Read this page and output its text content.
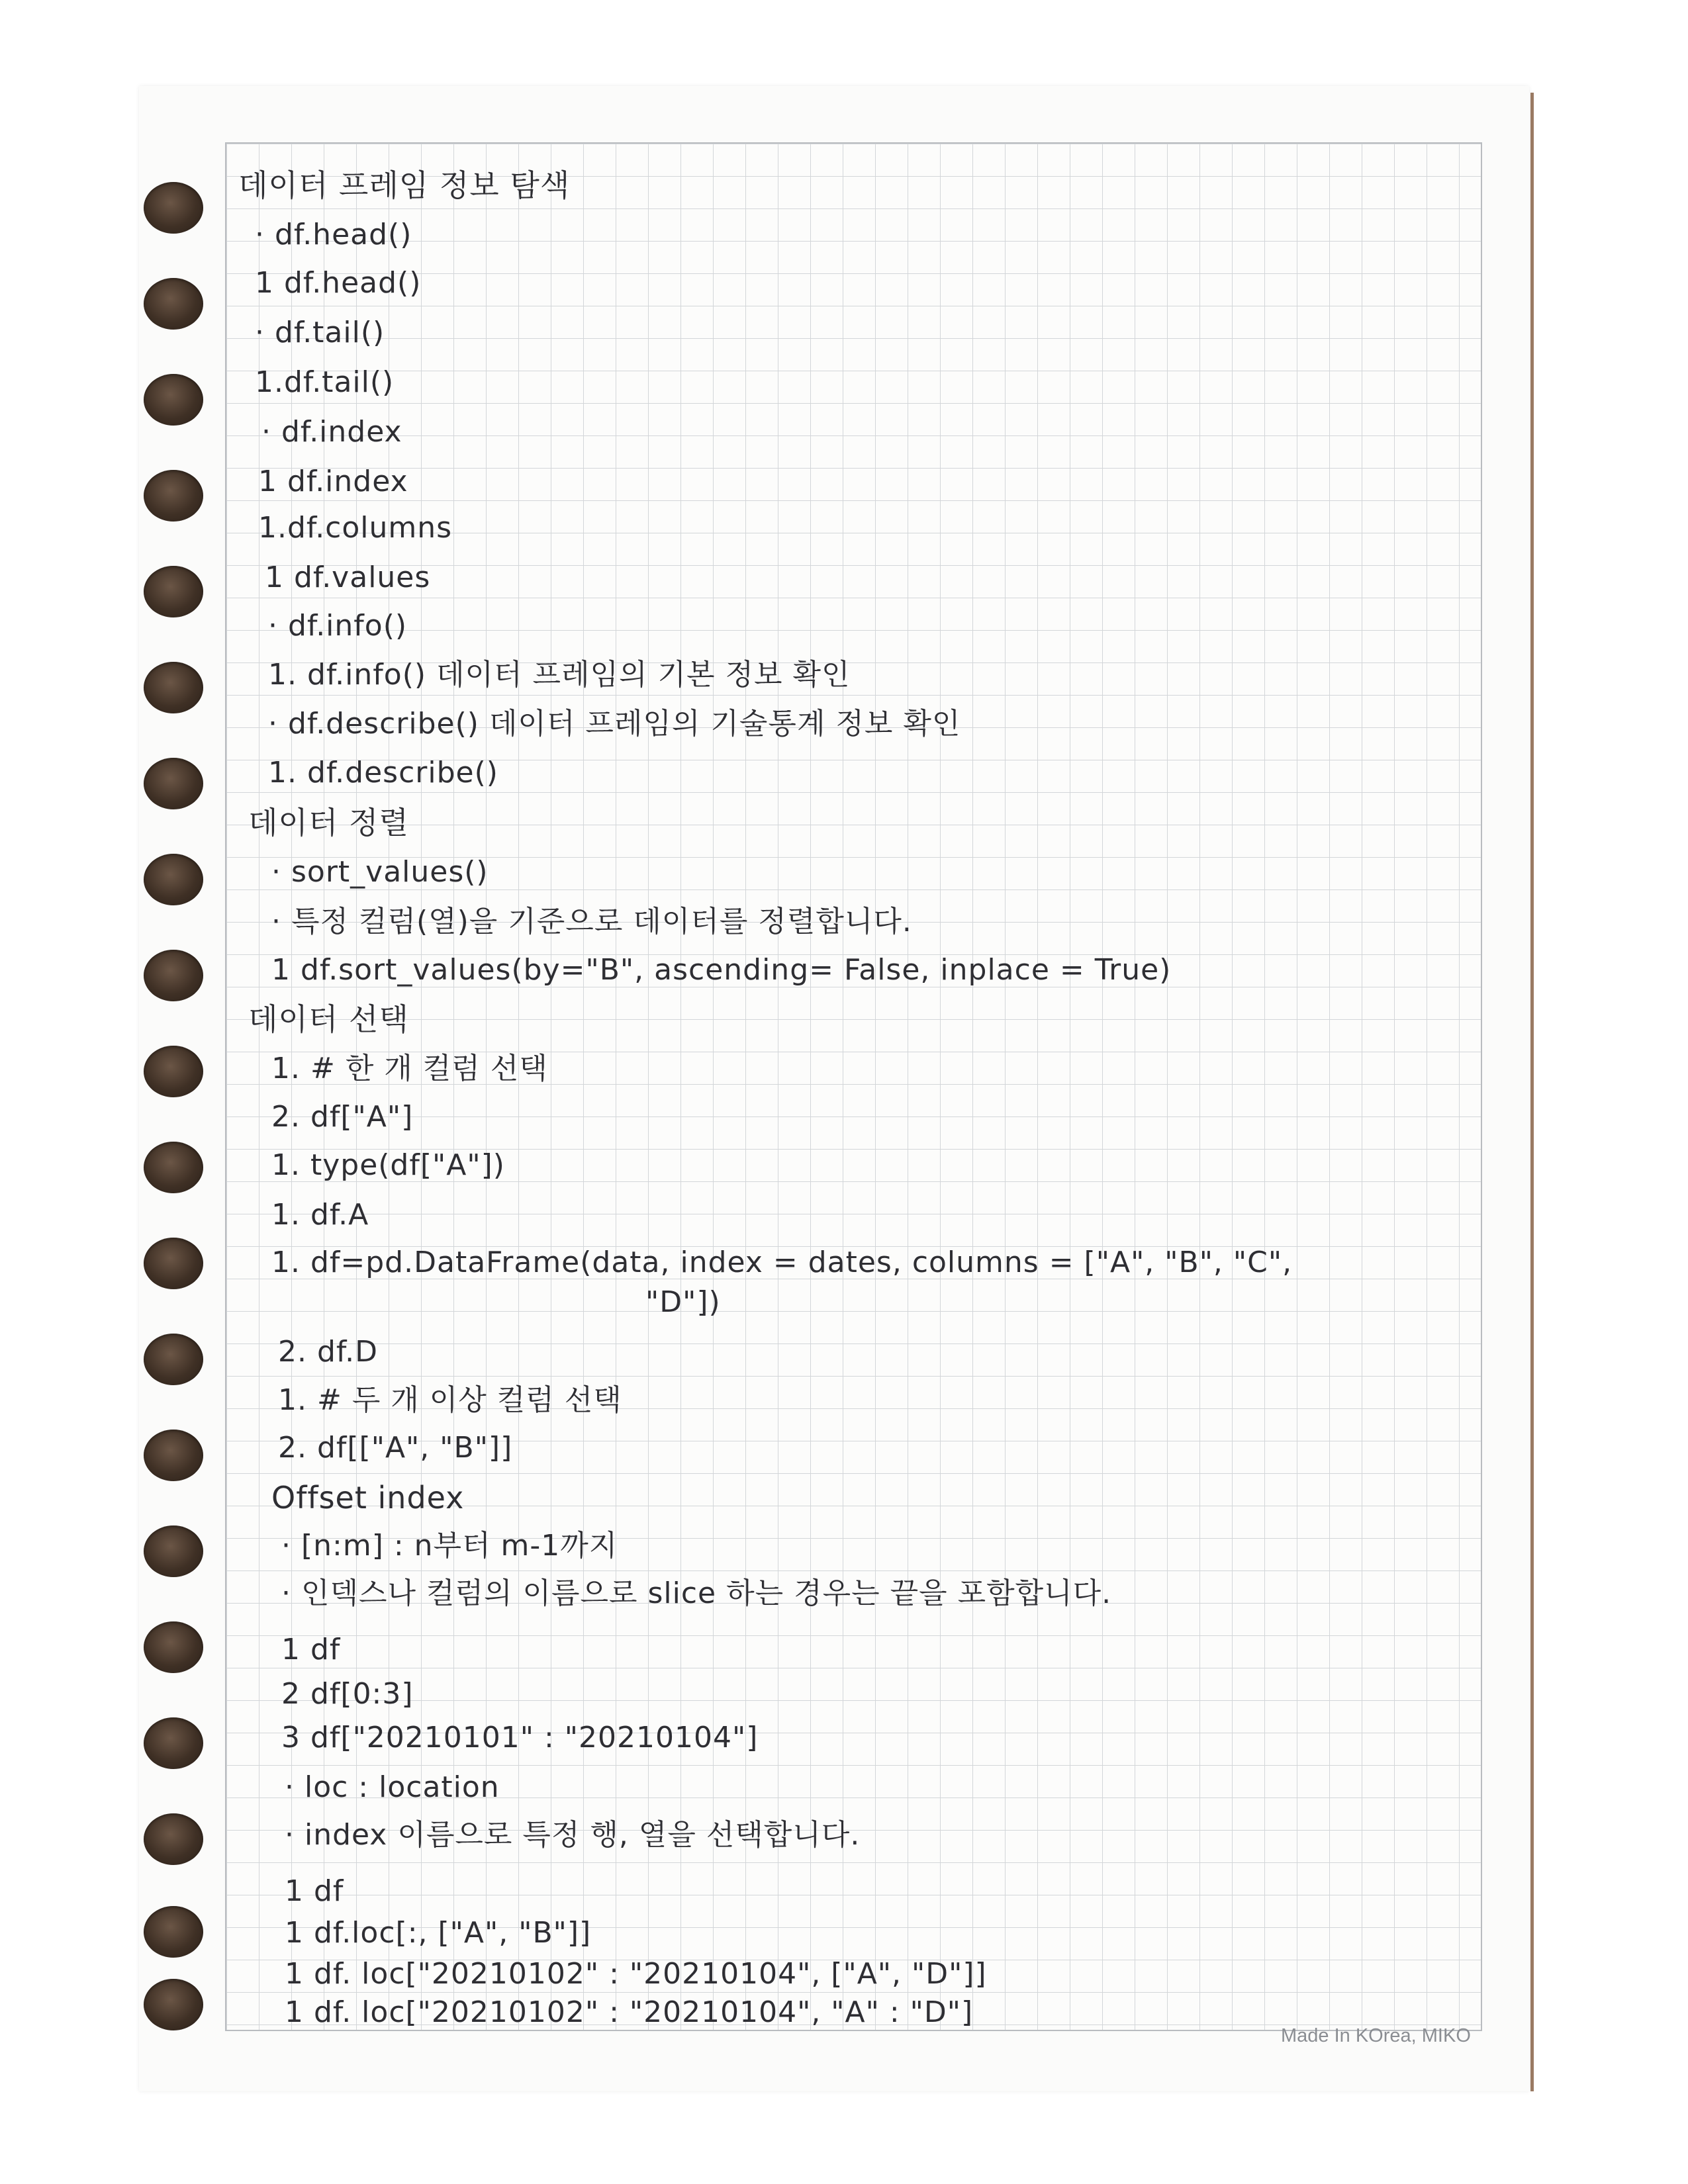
데이터 프레임 정보 탐색

· df.head()

1 df.head()

· df.tail()

1.df.tail()

· df.index

1 df.index

1.df.columns

1 df.values

· df.info()

1. df.info() 데이터 프레임의 기본 정보 확인

· df.describe() 데이터 프레임의 기술통계 정보 확인

1. df.describe()

데이터 정렬

· sort_values()

· 특정 컬럼(열)을 기준으로 데이터를 정렬합니다.

1 df.sort_values(by="B", ascending= False, inplace = True)

데이터 선택

1. # 한 개 컬럼 선택

2. df["A"]

1. type(df["A"])

1. df.A

1. df=pd.DataFrame(data, index = dates, columns = ["A", "B", "C",

"D"])

2. df.D

1. # 두 개 이상 컬럼 선택

2. df[["A", "B"]]

Offset index

· [n:m] : n부터 m-1까지

· 인덱스나 컬럼의 이름으로 slice 하는 경우는 끝을 포함합니다.

1 df

2 df[0:3]

3 df["20210101" : "20210104"]

· loc : location

· index 이름으로 특정 행, 열을 선택합니다.

1 df

1 df.loc[:, ["A", "B"]]

1 df. loc["20210102" : "20210104", ["A", "D"]]

1 df. loc["20210102" : "20210104", "A" : "D"]

Made In KOrea, MIKO
